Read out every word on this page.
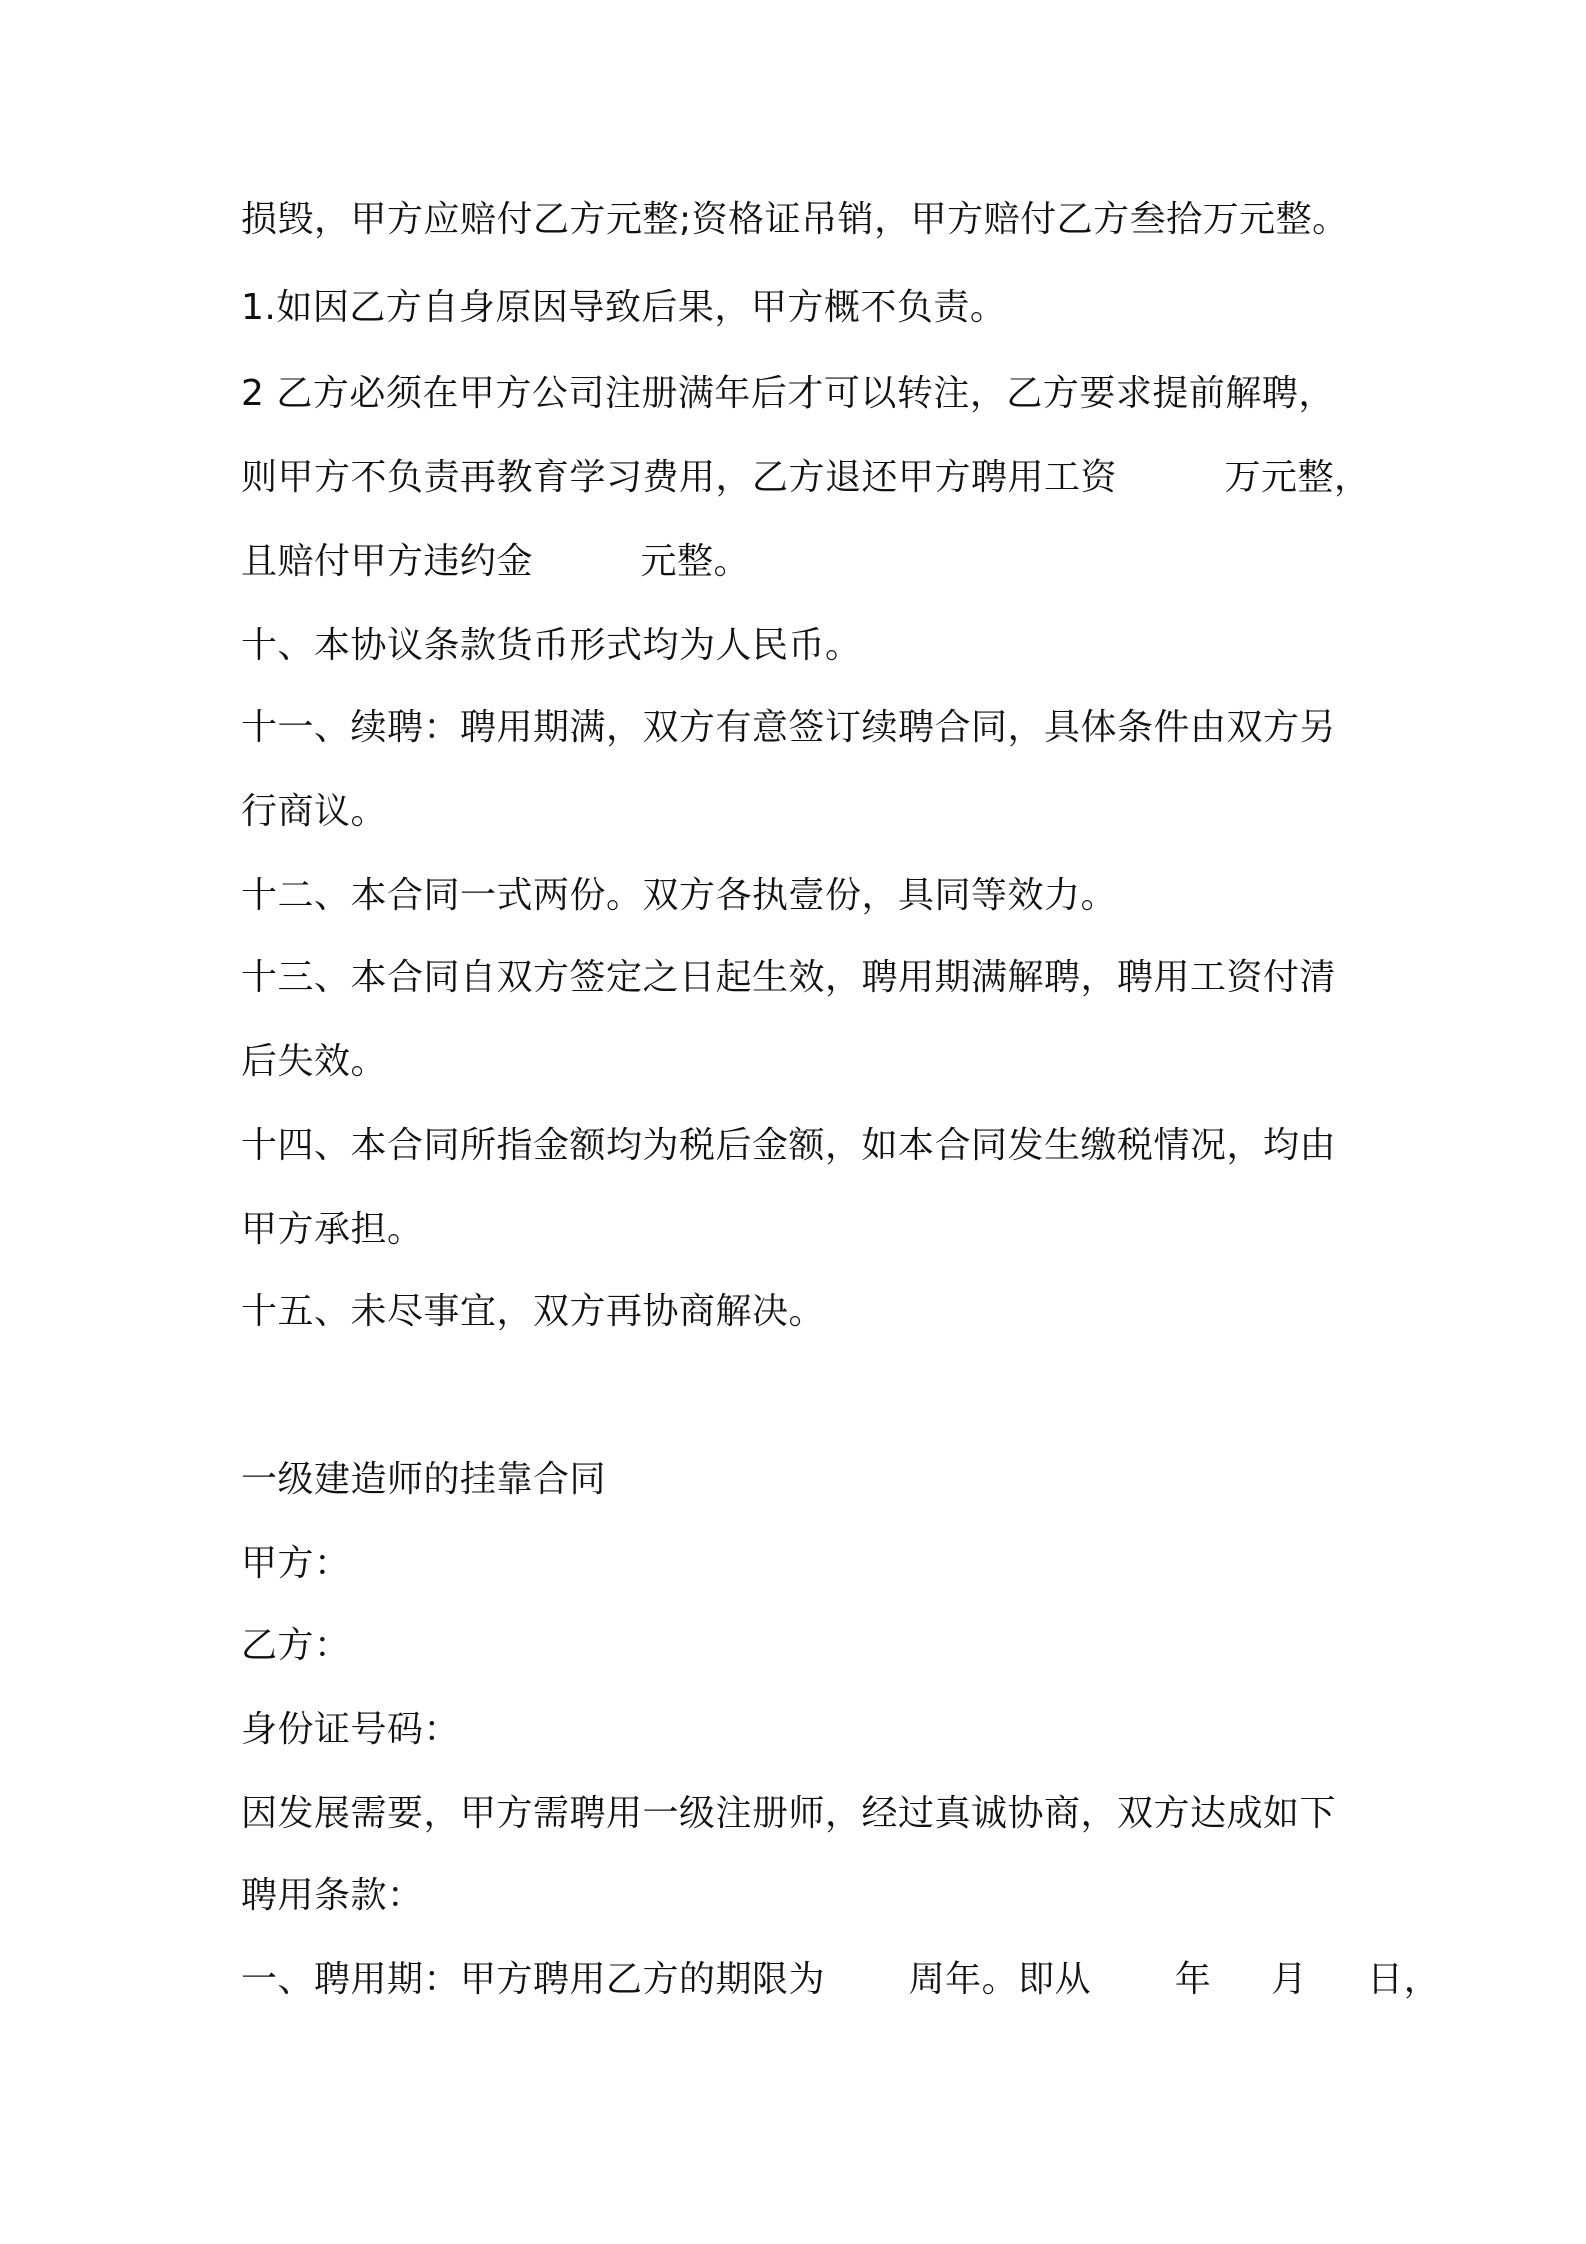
损毁，甲方应赔付乙方元整;资格证吊销，甲方赔付乙方叁拾万元整。
1.如因乙方自身原因导致后果，甲方概不负责。
2 乙方必须在甲方公司注册满年后才可以转注，乙方要求提前解聘，
则甲方不负责再教育学习费用，乙方退还甲方聘用工资         万元整，
且赔付甲方违约金         元整。
十、本协议条款货币形式均为人民币。
十一、续聘：聘用期满，双方有意签订续聘合同，具体条件由双方另
行商议。
十二、本合同一式两份。双方各执壹份，具同等效力。
十三、本合同自双方签定之日起生效，聘用期满解聘，聘用工资付清
后失效。
十四、本合同所指金额均为税后金额，如本合同发生缴税情况，均由
甲方承担。
十五、未尽事宜，双方再协商解决。
一级建造师的挂靠合同
甲方：
乙方：
身份证号码：
因发展需要，甲方需聘用一级注册师，经过真诚协商，双方达成如下
聘用条款：
一、聘用期：甲方聘用乙方的期限为       周年。即从       年     月     日，
